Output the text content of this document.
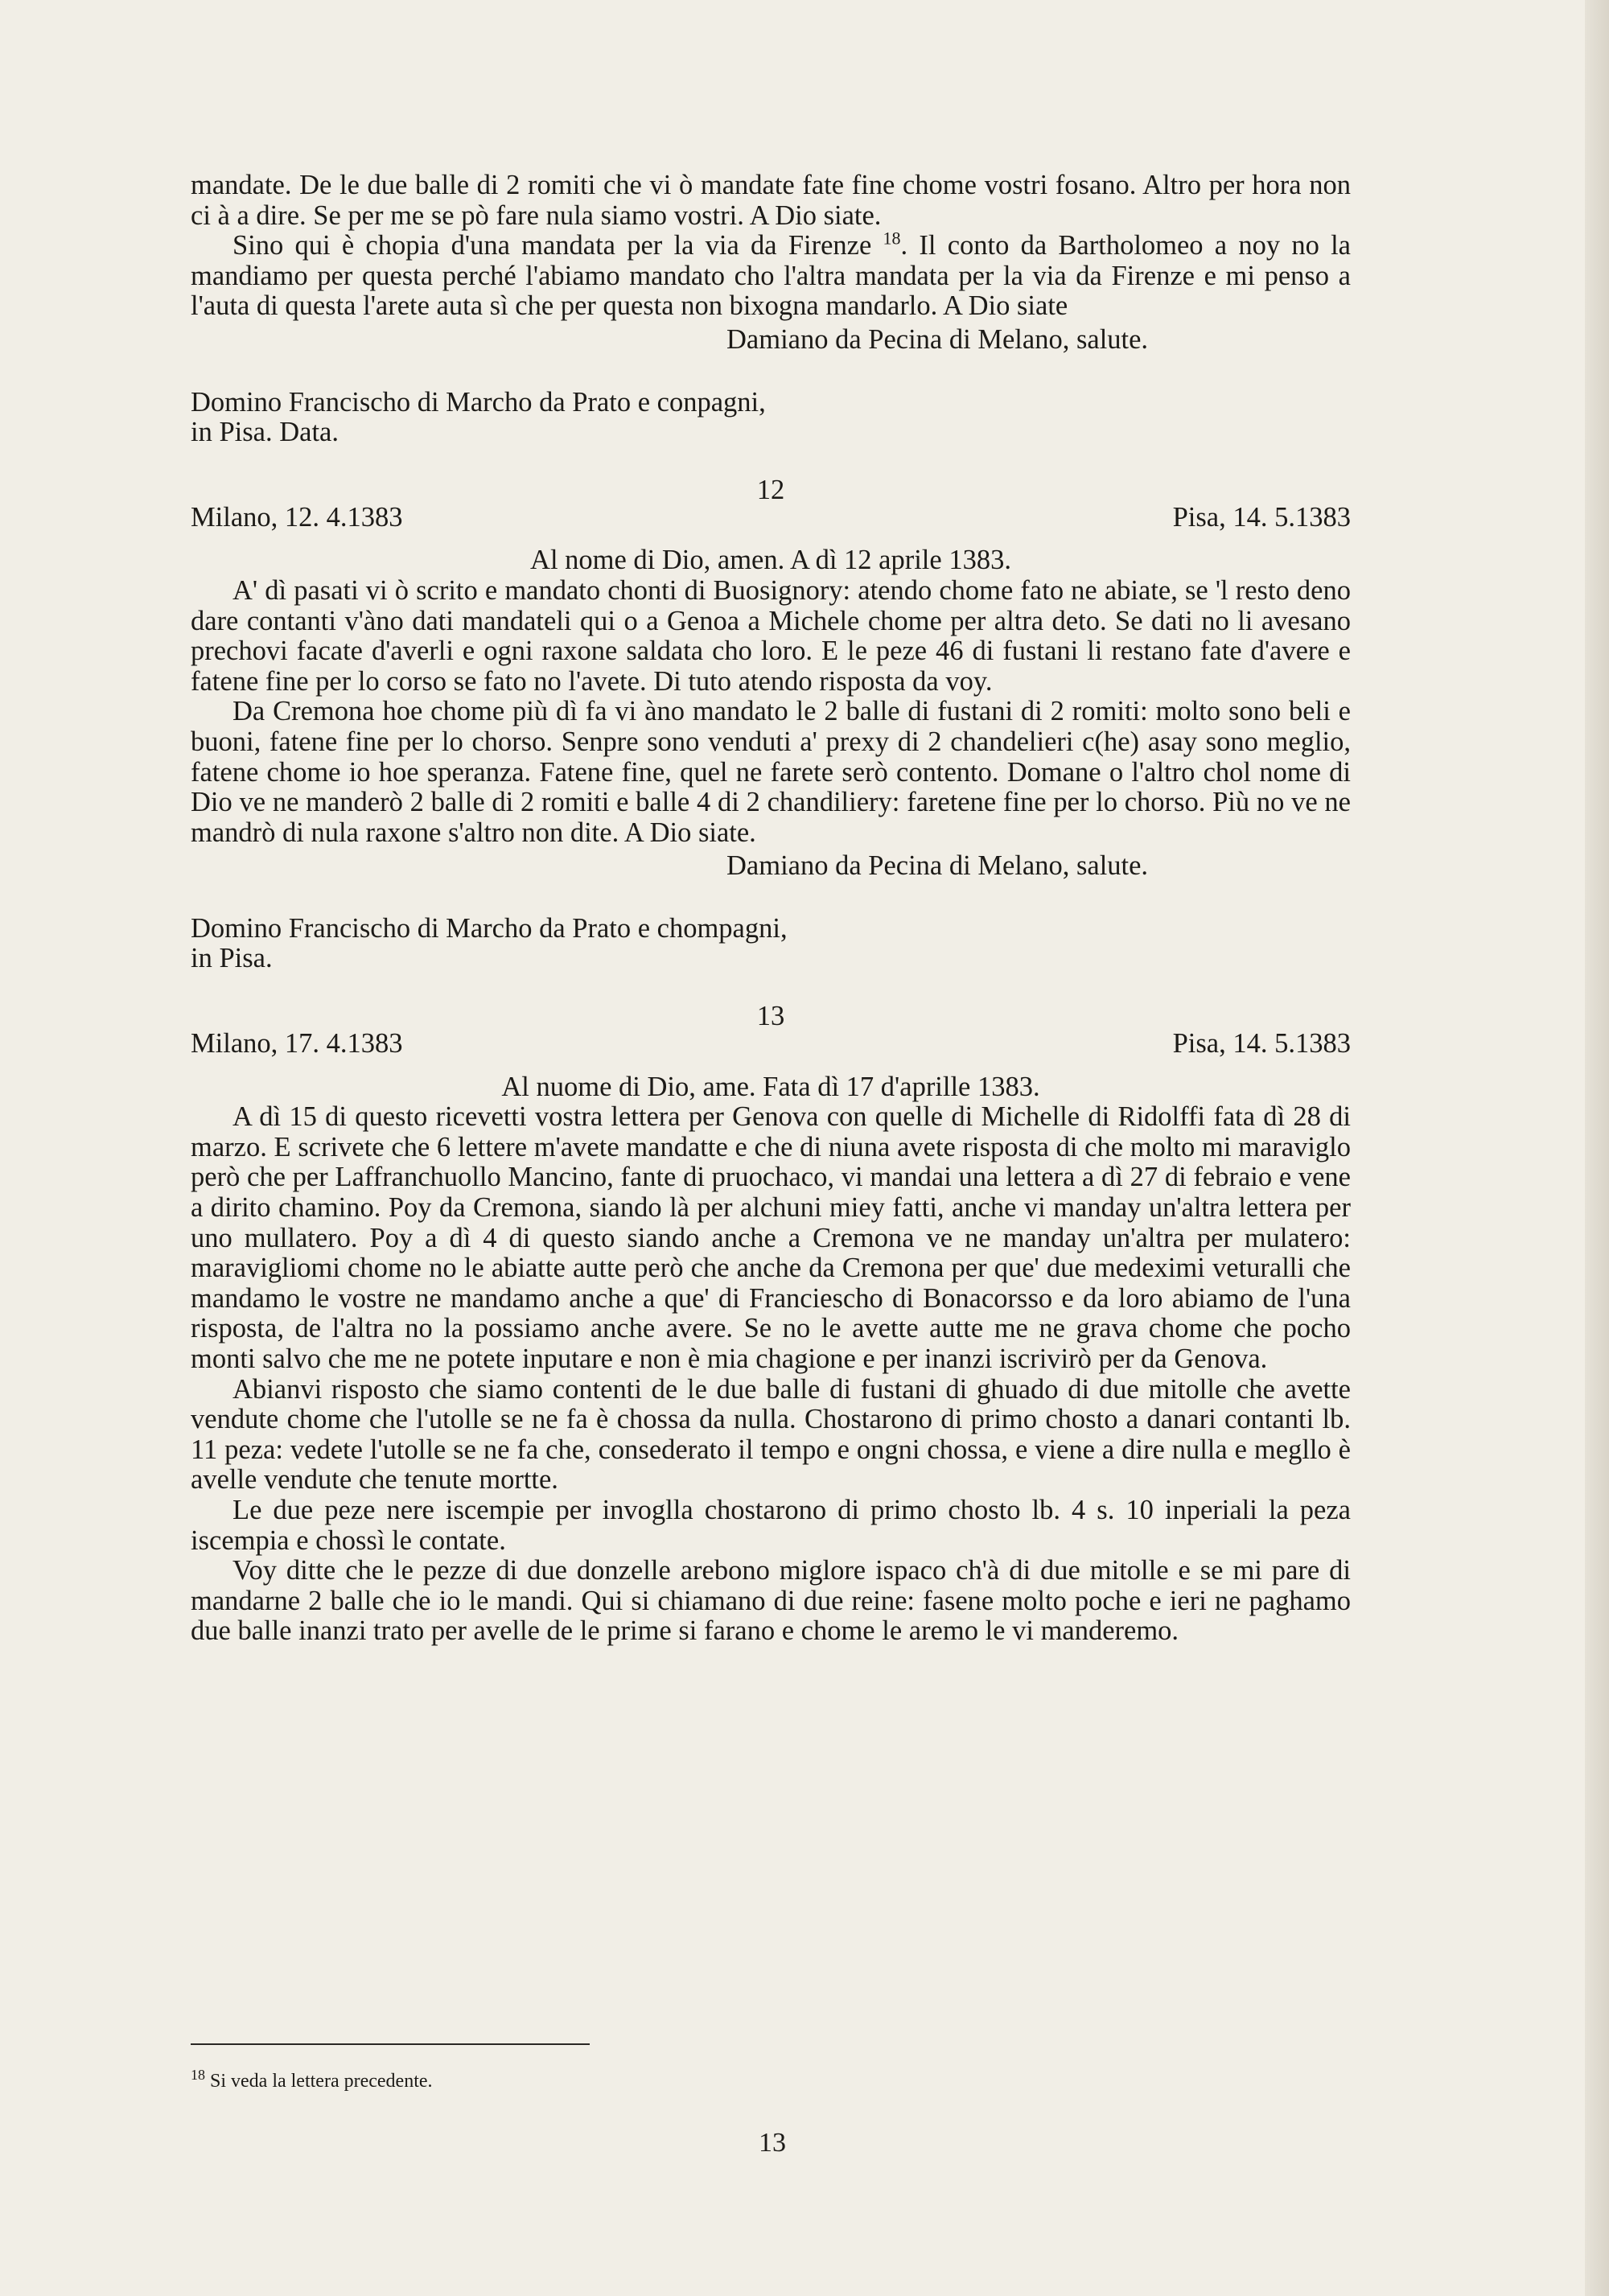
mandate. De le due balle di 2 romiti che vi ò mandate fate fine chome vostri fosano. Altro per hora non ci à a dire. Se per me se pò fare nula siamo vostri. A Dio siate.

Sino qui è chopia d'una mandata per la via da Firenze $^{18}$. Il conto da Bartholomeo a noy no la mandiamo per questa perché l'abiamo mandato cho l'altra mandata per la via da Firenze e mi penso a l'auta di questa l'arete auta sì che per questa non bixogna mandarlo. A Dio siate

Damiano da Pecina di Melano, salute.

Domino Francischo di Marcho da Prato e conpagni,

in Pisa. Data.

12
Milano, 12. 4.1383	Pisa, 14. 5.1383

Al nome di Dio, amen. A dì 12 aprile 1383.

A' dì pasati vi ò scrito e mandato chonti di Buosignory: atendo chome fato ne abiate, se 'l resto deno dare contanti v'àno dati mandateli qui o a Genoa a Michele chome per altra deto. Se dati no li avesano prechovi facate d'averli e ogni raxone saldata cho loro. E le peze 46 di fustani li restano fate d'avere e fatene fine per lo corso se fato no l'avete. Di tuto atendo risposta da voy.

Da Cremona hoe chome più dì fa vi àno mandato le 2 balle di fustani di 2 romiti: molto sono beli e buoni, fatene fine per lo chorso. Senpre sono venduti a' prexy di 2 chandelieri c(he) asay sono meglio, fatene chome io hoe speranza. Fatene fine, quel ne farete serò contento. Domane o l'altro chol nome di Dio ve ne manderò 2 balle di 2 romiti e balle 4 di 2 chandiliery: faretene fine per lo chorso. Più no ve ne mandrò di nula raxone s'altro non dite. A Dio siate.

Damiano da Pecina di Melano, salute.

Domino Francischo di Marcho da Prato e chompagni,

in Pisa.

13
Milano, 17. 4.1383	Pisa, 14. 5.1383

Al nuome di Dio, ame. Fata dì 17 d'aprille 1383.

A dì 15 di questo ricevetti vostra lettera per Genova con quelle di Michelle di Ridolffi fata dì 28 di marzo. E scrivete che 6 lettere m'avete mandatte e che di niuna avete risposta di che molto mi maraviglo però che per Laffranchuollo Mancino, fante di pruochaco, vi mandai una lettera a dì 27 di febraio e vene a dirito chamino. Poy da Cremona, siando là per alchuni miey fatti, anche vi manday un'altra lettera per uno mullatero. Poy a dì 4 di questo siando anche a Cremona ve ne manday un'altra per mulatero: maravigliomi chome no le abiatte autte però che anche da Cremona per que' due medeximi veturalli che mandamo le vostre ne mandamo anche a que' di Franciescho di Bonacorsso e da loro abiamo de l'una risposta, de l'altra no la possiamo anche avere. Se no le avette autte me ne grava chome che pocho monti salvo che me ne potete inputare e non è mia chagione e per inanzi iscrivirò per da Genova.

Abianvi risposto che siamo contenti de le due balle di fustani di ghuado di due mitolle che avette vendute chome che l'utolle se ne fa è chossa da nulla. Chostarono di primo chosto a danari contanti lb. 11 peza: vedete l'utolle se ne fa che, consederato il tempo e ongni chossa, e viene a dire nulla e megllo è avelle vendute che tenute mortte.

Le due peze nere iscempie per invoglla chostarono di primo chosto lb. 4 s. 10 inperiali la peza iscempia e chossì le contate.

Voy ditte che le pezze di due donzelle arebono miglore ispaco ch'à di due mitolle e se mi pare di mandarne 2 balle che io le mandi. Qui si chiamano di due reine: fasene molto poche e ieri ne paghamo due balle inanzi trato per avelle de le prime si farano e chome le aremo le vi manderemo.

$^{18}$ Si veda la lettera precedente.
13
